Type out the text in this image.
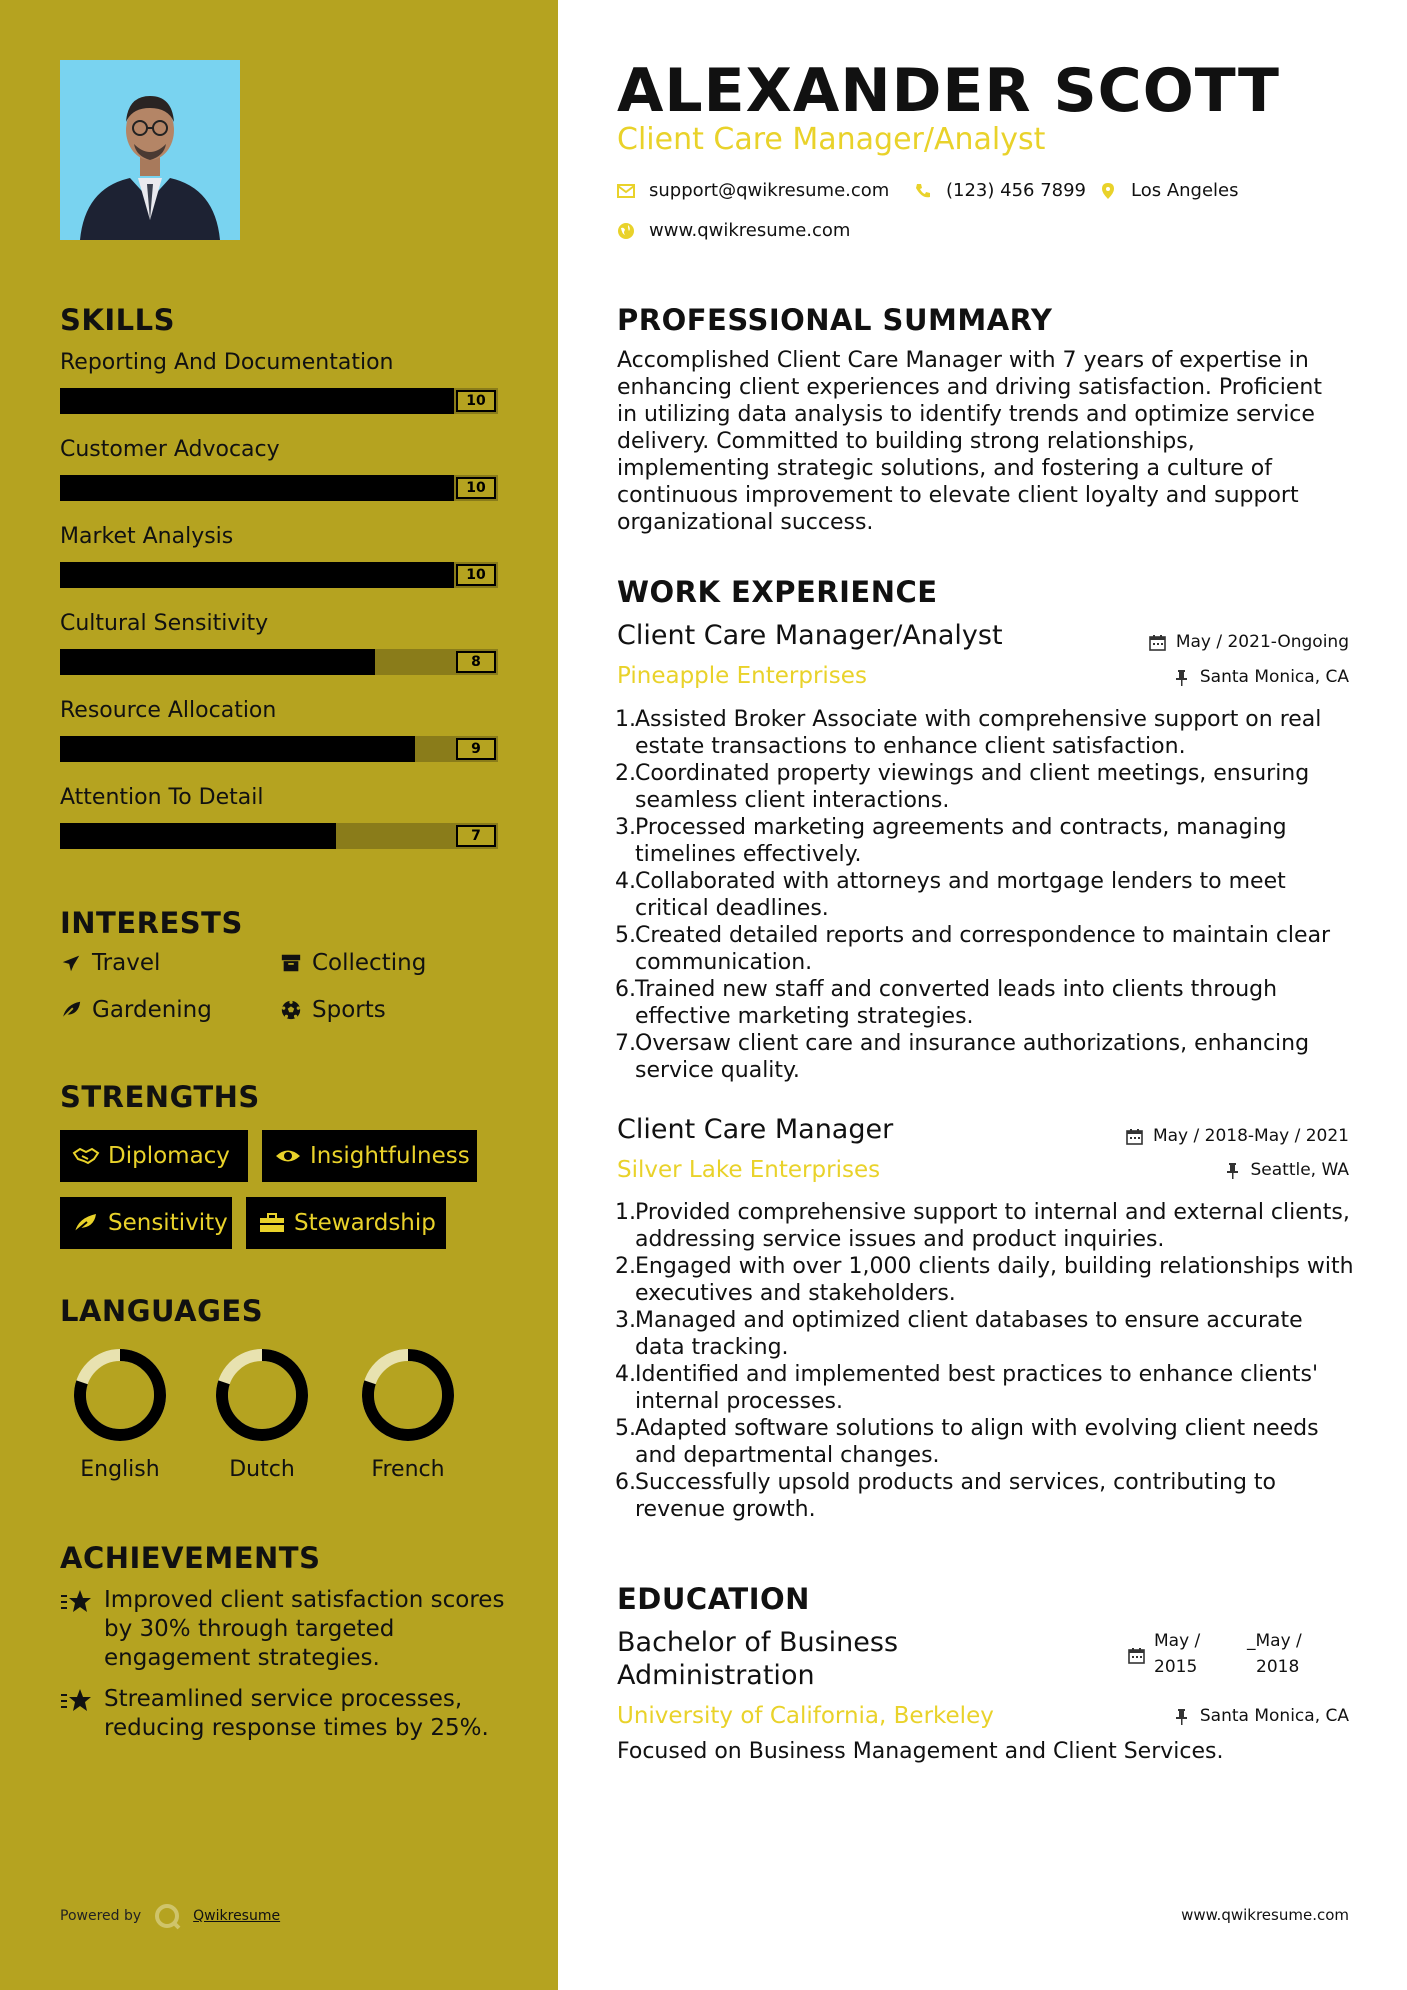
SKILLS
Reporting And Documentation
10
Customer Advocacy
10
Market Analysis
10
Cultural Sensitivity
8
Resource Allocation
9
Attention To Detail
7
INTERESTS
Travel	Collecting
Gardening	Sports
STRENGTHS
Diplomacy	Insightfulness
Sensitivity	Stewardship
LANGUAGES
English	Dutch	French
ACHIEVEMENTS
Improved client satisfaction scores by 30% through targeted engagement strategies.
Streamlined service processes, reducing response times by 25%.
Powered by	Qwikresume
ALEXANDER SCOTT
Client Care Manager/Analyst
support@qwikresume.com	(123) 456 7899 Los Angeles
www.qwikresume.com
PROFESSIONAL SUMMARY
Accomplished Client Care Manager with 7 years of expertise in enhancing client experiences and driving satisfaction. Proficient in utilizing data analysis to identify trends and optimize service delivery. Committed to building strong relationships, implementing strategic solutions, and fostering a culture of continuous improvement to elevate client loyalty and support organizational success.
WORK EXPERIENCE
Client Care Manager/Analyst
Pineapple Enterprises
May / 2021-Ongoing
Santa Monica, CA
1. Assisted Broker Associate with comprehensive support on real estate transactions to enhance client satisfaction.
2. Coordinated property viewings and client meetings, ensuring seamless client interactions.
3. Processed marketing agreements and contracts, managing timelines effectively.
4. Collaborated with attorneys and mortgage lenders to meet critical deadlines.
5. Created detailed reports and correspondence to maintain clear communication.
6. Trained new staff and converted leads into clients through effective marketing strategies.
7. Oversaw client care and insurance authorizations, enhancing service quality.
Client Care Manager
Silver Lake Enterprises
May / 2018-May / 2021
Seattle, WA
1. Provided comprehensive support to internal and external clients, addressing service issues and product inquiries.
2. Engaged with over 1,000 clients daily, building relationships with executives and stakeholders.
3. Managed and optimized client databases to ensure accurate data tracking.
4. Identified and implemented best practices to enhance clients' internal processes.
5. Adapted software solutions to align with evolving client needs and departmental changes.
6. Successfully upsold products and services, contributing to revenue growth.
EDUCATION
Bachelor of Business
Administration
University of California, Berkeley
May /
2015
_May /
2018
Santa Monica, CA
Focused on Business Management and Client Services.
www.qwikresume.com
